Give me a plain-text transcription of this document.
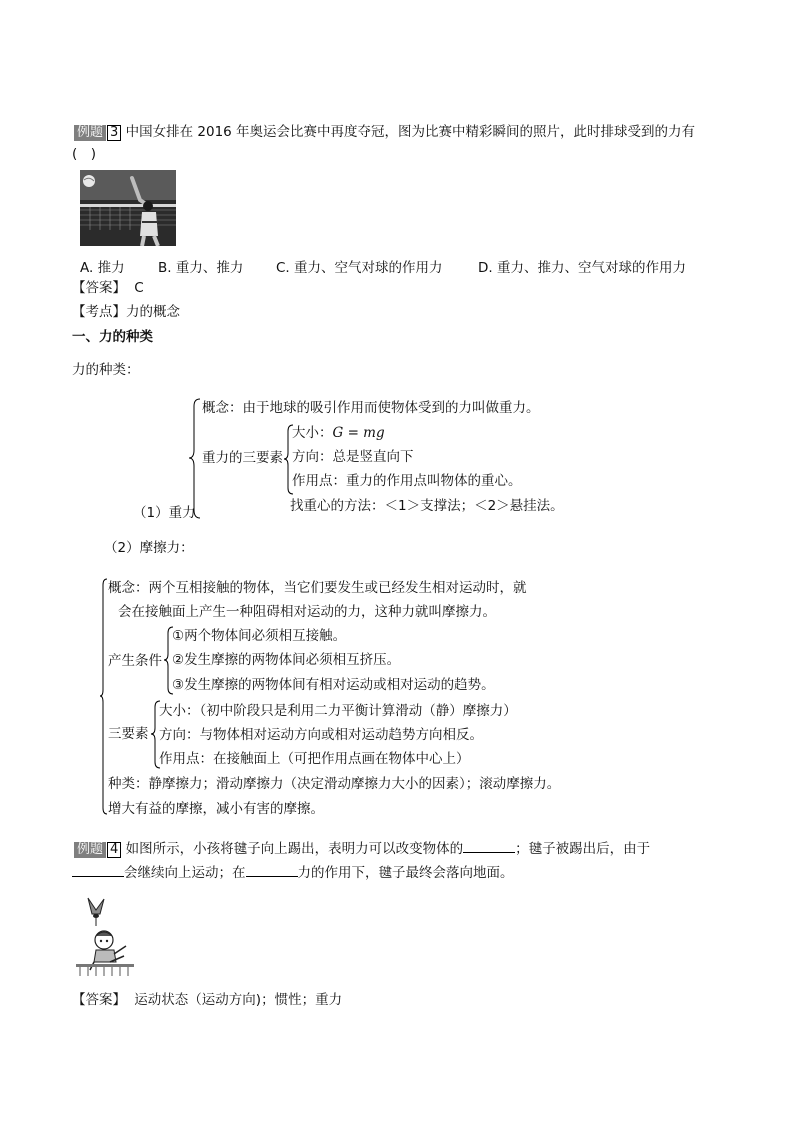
例题 3 中国女排在 2016 年奥运会比赛中再度夺冠，图为比赛中精彩瞬间的照片，此时排球受到的力有
(　)
A. 推力 B. 重力、推力 C. 重力、空气对球的作用力	D. 重力、推力、空气对球的作用力
【答案】 C
【考点】力的概念
一、力的种类
力的种类：
（1）重力
概念：由于地球的吸引作用而使物体受到的力叫做重力。
重力的三要素
大小：G = mg
方向：总是竖直向下
作用点：重力的作用点叫物体的重心。
找重心的方法：＜1＞支撑法；＜2＞悬挂法。
（2）摩擦力：
概念：两个互相接触的物体，当它们要发生或已经发生相对运动时，就
会在接触面上产生一种阻碍相对运动的力，这种力就叫摩擦力。
产生条件
①两个物体间必须相互接触。
②发生摩擦的两物体间必须相互挤压。
③发生摩擦的两物体间有相对运动或相对运动的趋势。
三要素
大小：（初中阶段只是利用二力平衡计算滑动（静）摩擦力）
方向：与物体相对运动方向或相对运动趋势方向相反。
作用点：在接触面上（可把作用点画在物体中心上）
种类：静摩擦力；滑动摩擦力（决定滑动摩擦力大小的因素）；滚动摩擦力。
增大有益的摩擦，减小有害的摩擦。
例题 4 如图所示，小孩将毽子向上踢出，表明力可以改变物体的	；毽子被踢出后，由于
会继续向上运动；在	力的作用下，毽子最终会落向地面。
【答案】 运动状态（运动方向)；惯性；重力
